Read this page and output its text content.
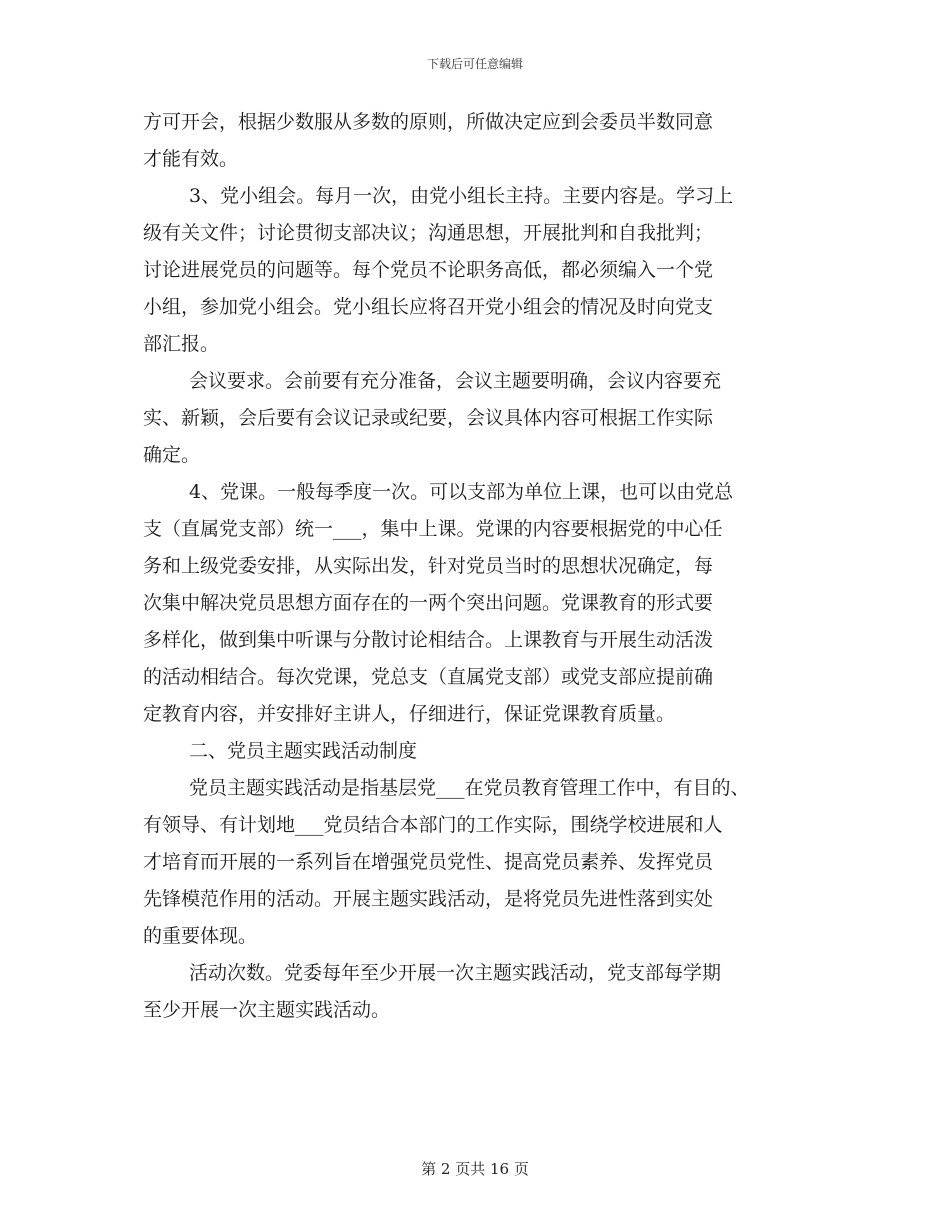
下载后可任意编辑
方可开会，根据少数服从多数的原则，所做决定应到会委员半数同意
才能有效。
3、党小组会。每月一次，由党小组长主持。主要内容是。学习上
级有关文件；讨论贯彻支部决议；沟通思想，开展批判和自我批判；
讨论进展党员的问题等。每个党员不论职务高低，都必须编入一个党
小组，参加党小组会。党小组长应将召开党小组会的情况及时向党支
部汇报。
会议要求。会前要有充分准备，会议主题要明确，会议内容要充
实、新颖，会后要有会议记录或纪要，会议具体内容可根据工作实际
确定。
4、党课。一般每季度一次。可以支部为单位上课，也可以由党总
支（直属党支部）统一___，集中上课。党课的内容要根据党的中心任
务和上级党委安排，从实际出发，针对党员当时的思想状况确定，每
次集中解决党员思想方面存在的一两个突出问题。党课教育的形式要
多样化，做到集中听课与分散讨论相结合。上课教育与开展生动活泼
的活动相结合。每次党课，党总支（直属党支部）或党支部应提前确
定教育内容，并安排好主讲人，仔细进行，保证党课教育质量。
二、党员主题实践活动制度
党员主题实践活动是指基层党___在党员教育管理工作中，有目的、
有领导、有计划地___党员结合本部门的工作实际，围绕学校进展和人
才培育而开展的一系列旨在增强党员党性、提高党员素养、发挥党员
先锋模范作用的活动。开展主题实践活动，是将党员先进性落到实处
的重要体现。
活动次数。党委每年至少开展一次主题实践活动，党支部每学期
至少开展一次主题实践活动。
第 2 页共 16 页
